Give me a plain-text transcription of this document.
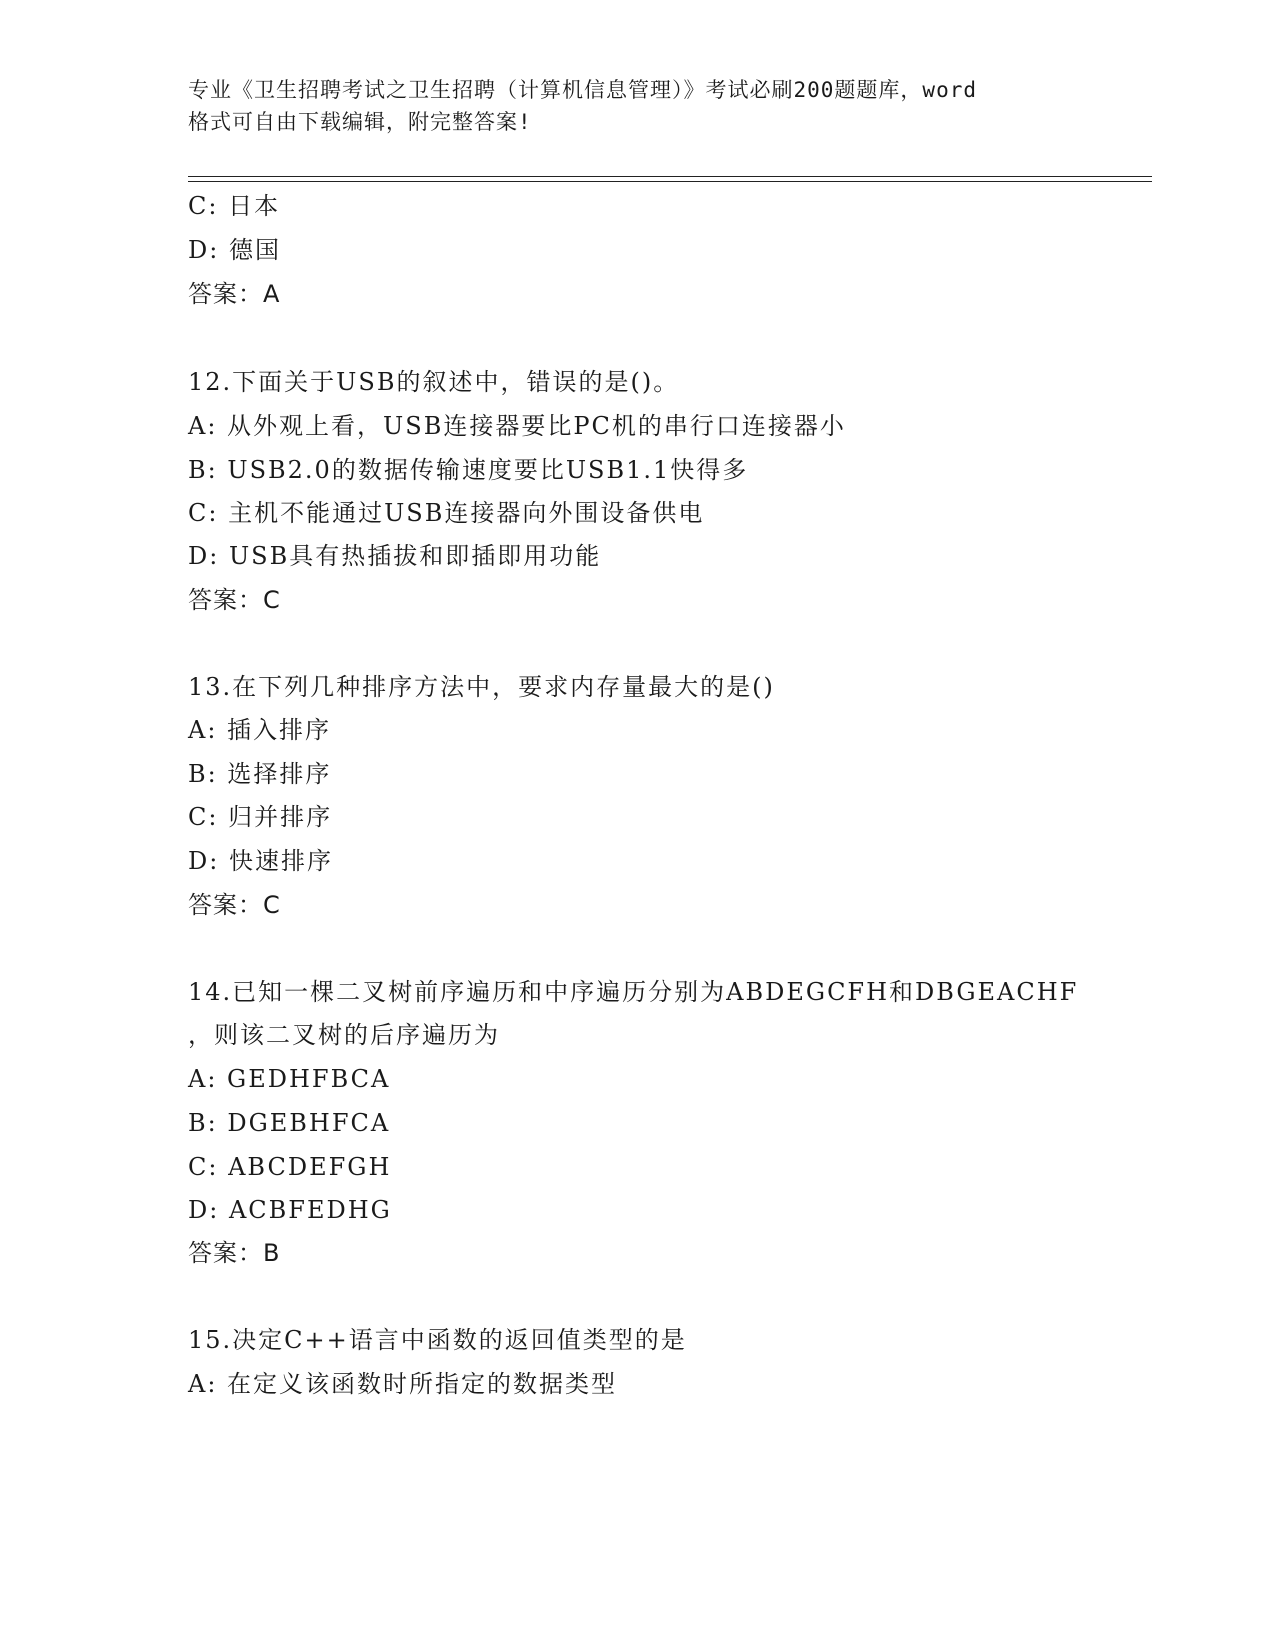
专业《卫生招聘考试之卫生招聘（计算机信息管理）》考试必刷200题题库，word
格式可自由下载编辑，附完整答案!
C: 日本
D: 德国
答案：A
12.下面关于USB的叙述中，错误的是()。
A: 从外观上看，USB连接器要比PC机的串行口连接器小
B: USB2.0的数据传输速度要比USB1.1快得多
C: 主机不能通过USB连接器向外围设备供电
D: USB具有热插拔和即插即用功能
答案：C
13.在下列几种排序方法中，要求内存量最大的是()
A: 插入排序
B: 选择排序
C: 归并排序
D: 快速排序
答案：C
14.已知一棵二叉树前序遍历和中序遍历分别为ABDEGCFH和DBGEACHF
，则该二叉树的后序遍历为
A: GEDHFBCA
B: DGEBHFCA
C: ABCDEFGH
D: ACBFEDHG
答案：B
15.决定C++语言中函数的返回值类型的是
A: 在定义该函数时所指定的数据类型
